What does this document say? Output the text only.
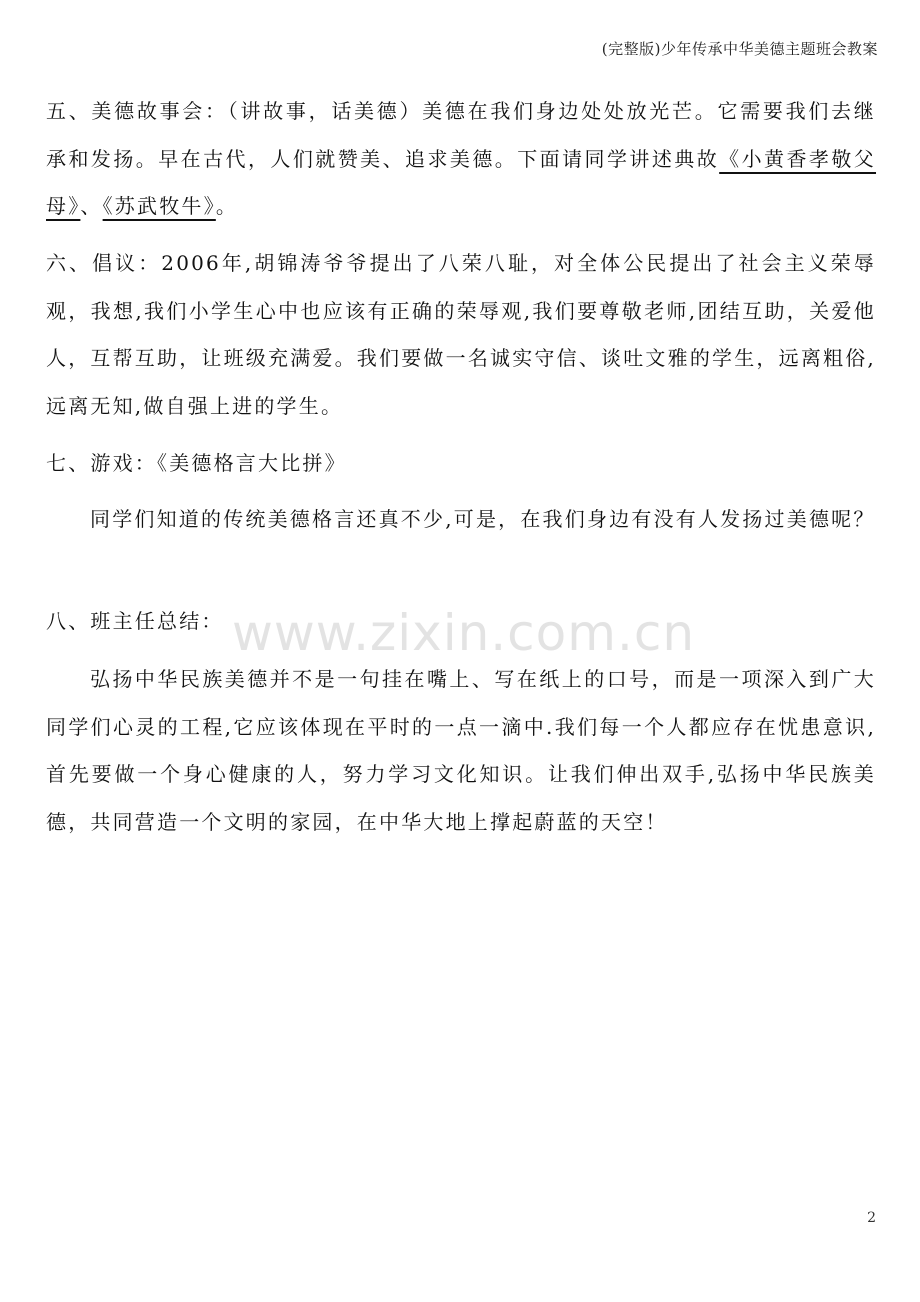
(完整版)少年传承中华美德主题班会教案
五、美德故事会：（讲故事，话美德）美德在我们身边处处放光芒。它需要我们去继承和发扬。早在古代，人们就赞美、追求美德。下面请同学讲述典故《小黄香孝敬父母》、《苏武牧牛》。
六、倡议：2006年,胡锦涛爷爷提出了八荣八耻，对全体公民提出了社会主义荣辱观，我想,我们小学生心中也应该有正确的荣辱观,我们要尊敬老师,团结互助，关爱他人，互帮互助，让班级充满爱。我们要做一名诚实守信、谈吐文雅的学生，远离粗俗,远离无知,做自强上进的学生。
七、游戏：《美德格言大比拼》
同学们知道的传统美德格言还真不少,可是，在我们身边有没有人发扬过美德呢？
www.zixin.com.cn
八、班主任总结：
弘扬中华民族美德并不是一句挂在嘴上、写在纸上的口号，而是一项深入到广大同学们心灵的工程,它应该体现在平时的一点一滴中.我们每一个人都应存在忧患意识,首先要做一个身心健康的人，努力学习文化知识。让我们伸出双手,弘扬中华民族美德，共同营造一个文明的家园，在中华大地上撑起蔚蓝的天空！
2
